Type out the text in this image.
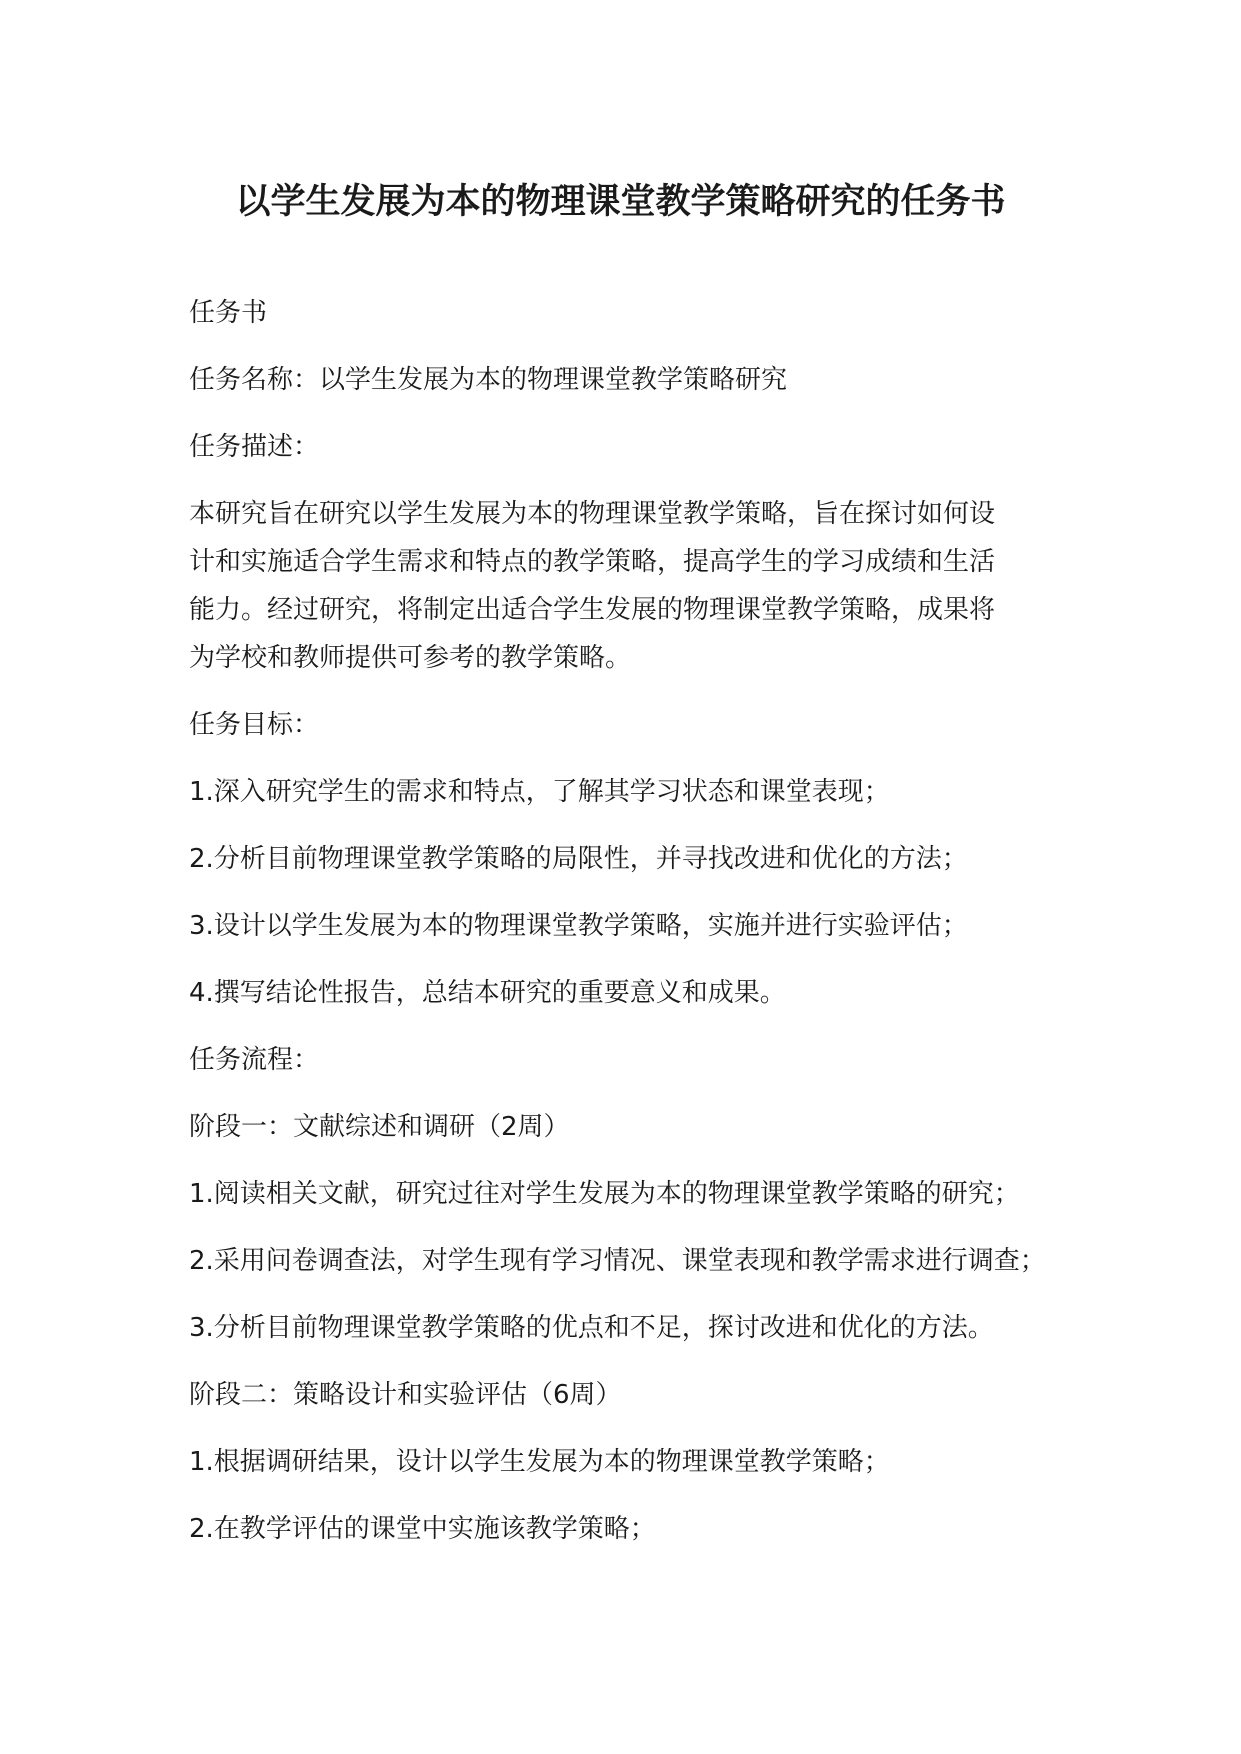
以学生发展为本的物理课堂教学策略研究的任务书

任务书

任务名称：以学生发展为本的物理课堂教学策略研究

任务描述：

本研究旨在研究以学生发展为本的物理课堂教学策略，旨在探讨如何设
计和实施适合学生需求和特点的教学策略，提高学生的学习成绩和生活
能力。经过研究，将制定出适合学生发展的物理课堂教学策略，成果将
为学校和教师提供可参考的教学策略。

任务目标：

1.深入研究学生的需求和特点，了解其学习状态和课堂表现；

2.分析目前物理课堂教学策略的局限性，并寻找改进和优化的方法；

3.设计以学生发展为本的物理课堂教学策略，实施并进行实验评估；

4.撰写结论性报告，总结本研究的重要意义和成果。

任务流程：

阶段一：文献综述和调研（2周）

1.阅读相关文献，研究过往对学生发展为本的物理课堂教学策略的研究；

2.采用问卷调查法，对学生现有学习情况、课堂表现和教学需求进行调查；

3.分析目前物理课堂教学策略的优点和不足，探讨改进和优化的方法。

阶段二：策略设计和实验评估（6周）

1.根据调研结果，设计以学生发展为本的物理课堂教学策略；

2.在教学评估的课堂中实施该教学策略；
